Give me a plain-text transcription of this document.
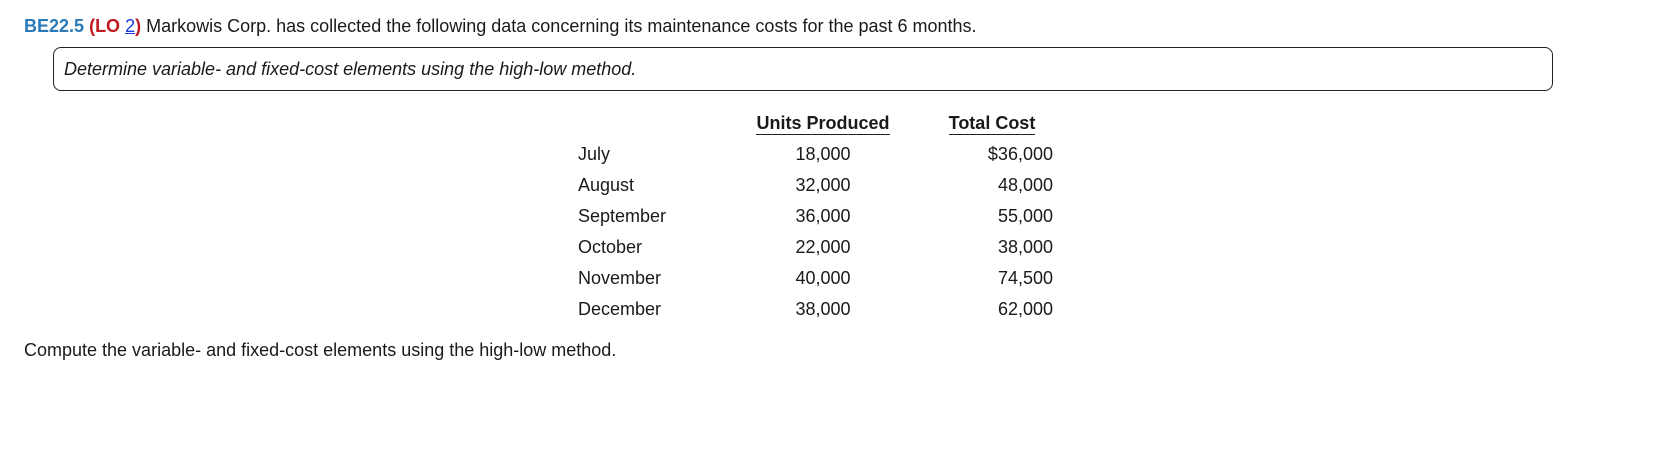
BE22.5 (LO 2) Markowis Corp. has collected the following data concerning its maintenance costs for the past 6 months.
Determine variable- and fixed-cost elements using the high-low method.
	Units Produced	Total Cost
July	18,000	$36,000
August	32,000	48,000
September	36,000	55,000
October	22,000	38,000
November	40,000	74,500
December	38,000	62,000
Compute the variable- and fixed-cost elements using the high-low method.
